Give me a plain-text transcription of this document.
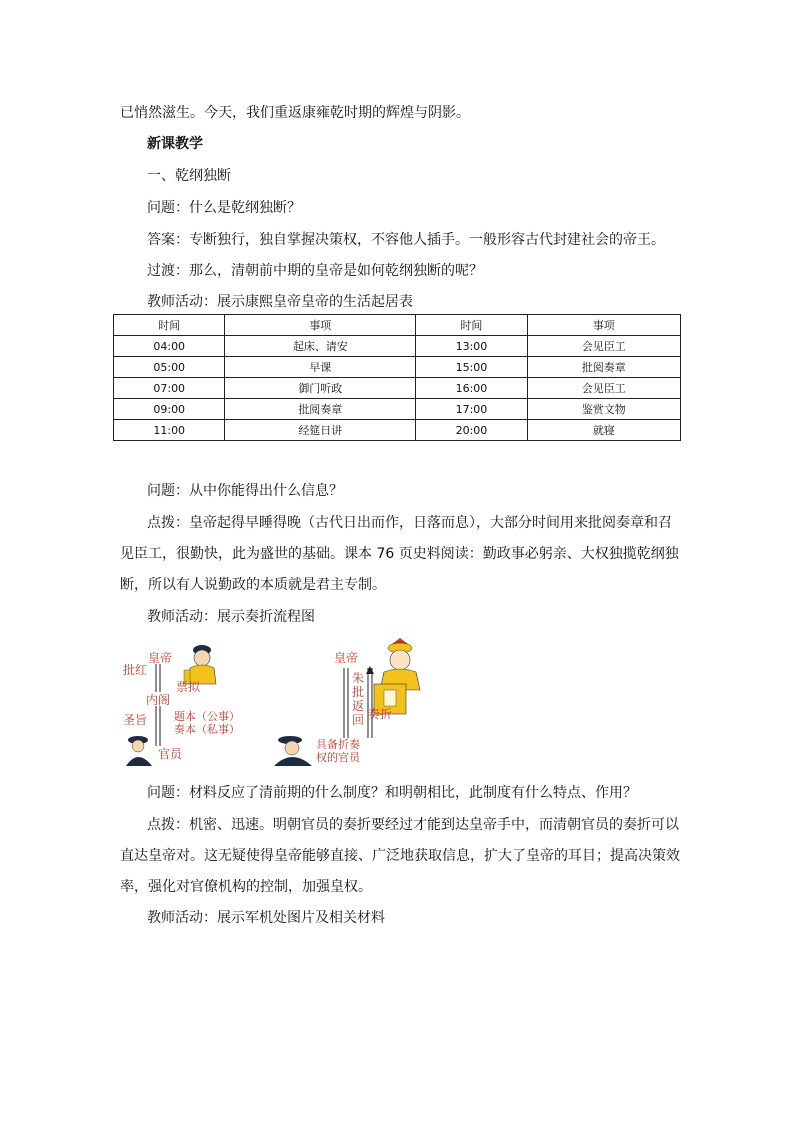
已悄然滋生。今天，我们重返康雍乾时期的辉煌与阴影。
新课教学
一、乾纲独断
问题：什么是乾纲独断？
答案：专断独行，独自掌握决策权，不容他人插手。一般形容古代封建社会的帝王。
过渡：那么，清朝前中期的皇帝是如何乾纲独断的呢？
教师活动：展示康熙皇帝皇帝的生活起居表
时间	事项	时间	事项
04:00	起床、请安	13:00	会见臣工
05:00	早课	15:00	批阅奏章
07:00	御门听政	16:00	会见臣工
09:00	批阅奏章	17:00	鉴赏文物
11:00	经筵日讲	20:00	就寝
问题：从中你能得出什么信息？
点拨：皇帝起得早睡得晚（古代日出而作，日落而息），大部分时间用来批阅奏章和召
见臣工，很勤快，此为盛世的基础。课本 76 页史料阅读：勤政事必躬亲、大权独揽乾纲独
断，所以有人说勤政的本质就是君主专制。
教师活动：展示奏折流程图
皇帝
批红
票拟
内阁
圣旨 题本（公事）
奏本（私事）
官员
皇帝
朱
批
返
回 奏折
具备折奏
权的官员
问题：材料反应了清前期的什么制度？和明朝相比，此制度有什么特点、作用？
点拨：机密、迅速。明朝官员的奏折要经过才能到达皇帝手中，而清朝官员的奏折可以
直达皇帝对。这无疑使得皇帝能够直接、广泛地获取信息，扩大了皇帝的耳目；提高决策效
率，强化对官僚机构的控制，加强皇权。
教师活动：展示军机处图片及相关材料
